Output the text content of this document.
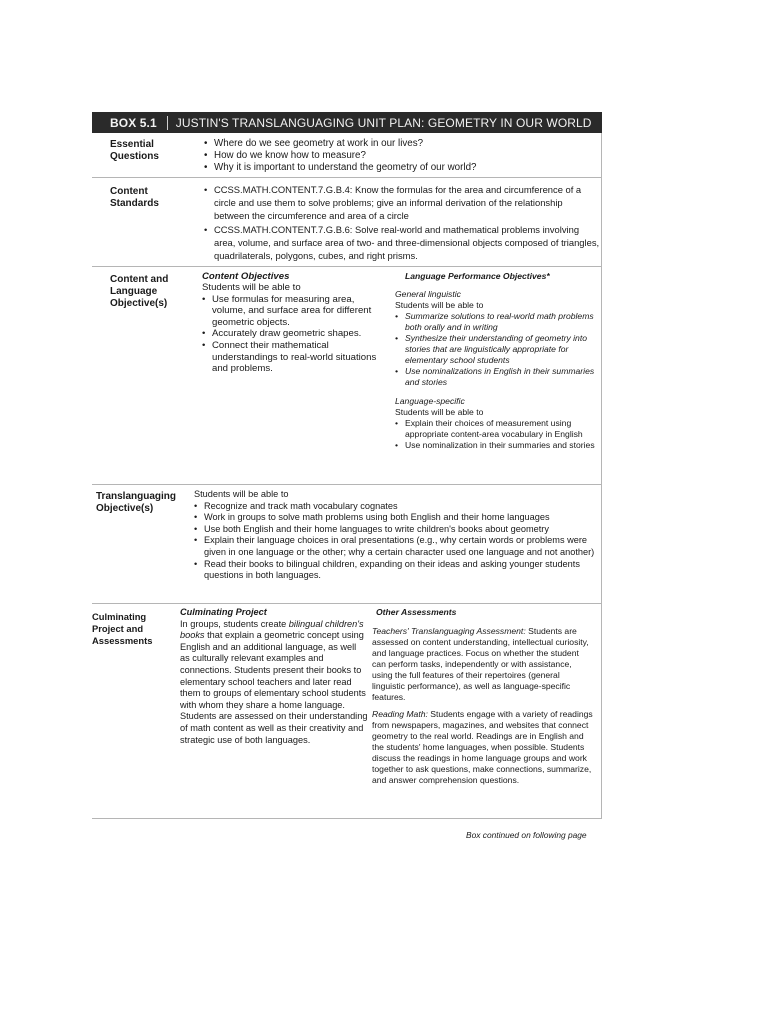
BOX 5.1	JUSTIN'S TRANSLANGUAGING UNIT PLAN: GEOMETRY IN OUR WORLD
Essential Questions
• Where do we see geometry at work in our lives?
• How do we know how to measure?
• Why it is important to understand the geometry of our world?
Content Standards
• CCSS.MATH.CONTENT.7.G.B.4: Know the formulas for the area and circumference of a circle and use them to solve problems; give an informal derivation of the relationship between the circumference and area of a circle
• CCSS.MATH.CONTENT.7.G.B.6: Solve real-world and mathematical problems involving area, volume, and surface area of two- and three-dimensional objects composed of triangles, quadrilaterals, polygons, cubes, and right prisms.
Content and Language Objective(s)
Content Objectives
Students will be able to
• Use formulas for measuring area, volume, and surface area for different geometric objects.
• Accurately draw geometric shapes.
• Connect their mathematical understandings to real-world situations and problems.
Language Performance Objectives*
General linguistic
Students will be able to
• Summarize solutions to real-world math problems both orally and in writing
• Synthesize their understanding of geometry into stories that are linguistically appropriate for elementary school students
• Use nominalizations in English in their summaries and stories
Language-specific
Students will be able to
• Explain their choices of measurement using appropriate content-area vocabulary in English
• Use nominalization in their summaries and stories
Translanguaging Objective(s)
Students will be able to
• Recognize and track math vocabulary cognates
• Work in groups to solve math problems using both English and their home languages
• Use both English and their home languages to write children's books about geometry
• Explain their language choices in oral presentations (e.g., why certain words or problems were given in one language or the other; why a certain character used one language and not another)
• Read their books to bilingual children, expanding on their ideas and asking younger students questions in both languages.
Culminating Project and Assessments
Culminating Project
In groups, students create bilingual children's books that explain a geometric concept using English and an additional language, as well as culturally relevant examples and connections. Students present their books to elementary school teachers and later read them to groups of elementary school students with whom they share a home language. Students are assessed on their understanding of math content as well as their creativity and strategic use of both languages.
Other Assessments
Teachers' Translanguaging Assessment: Students are assessed on content understanding, intellectual curiosity, and language practices. Focus on whether the student can perform tasks, independently or with assistance, using the full features of their repertoires (general linguistic performance), as well as language-specific features.
Reading Math: Students engage with a variety of readings from newspapers, magazines, and websites that connect geometry to the real world. Readings are in English and the students' home languages, when possible. Students discuss the readings in home language groups and work together to ask questions, make connections, summarize, and answer comprehension questions.
Box continued on following page
